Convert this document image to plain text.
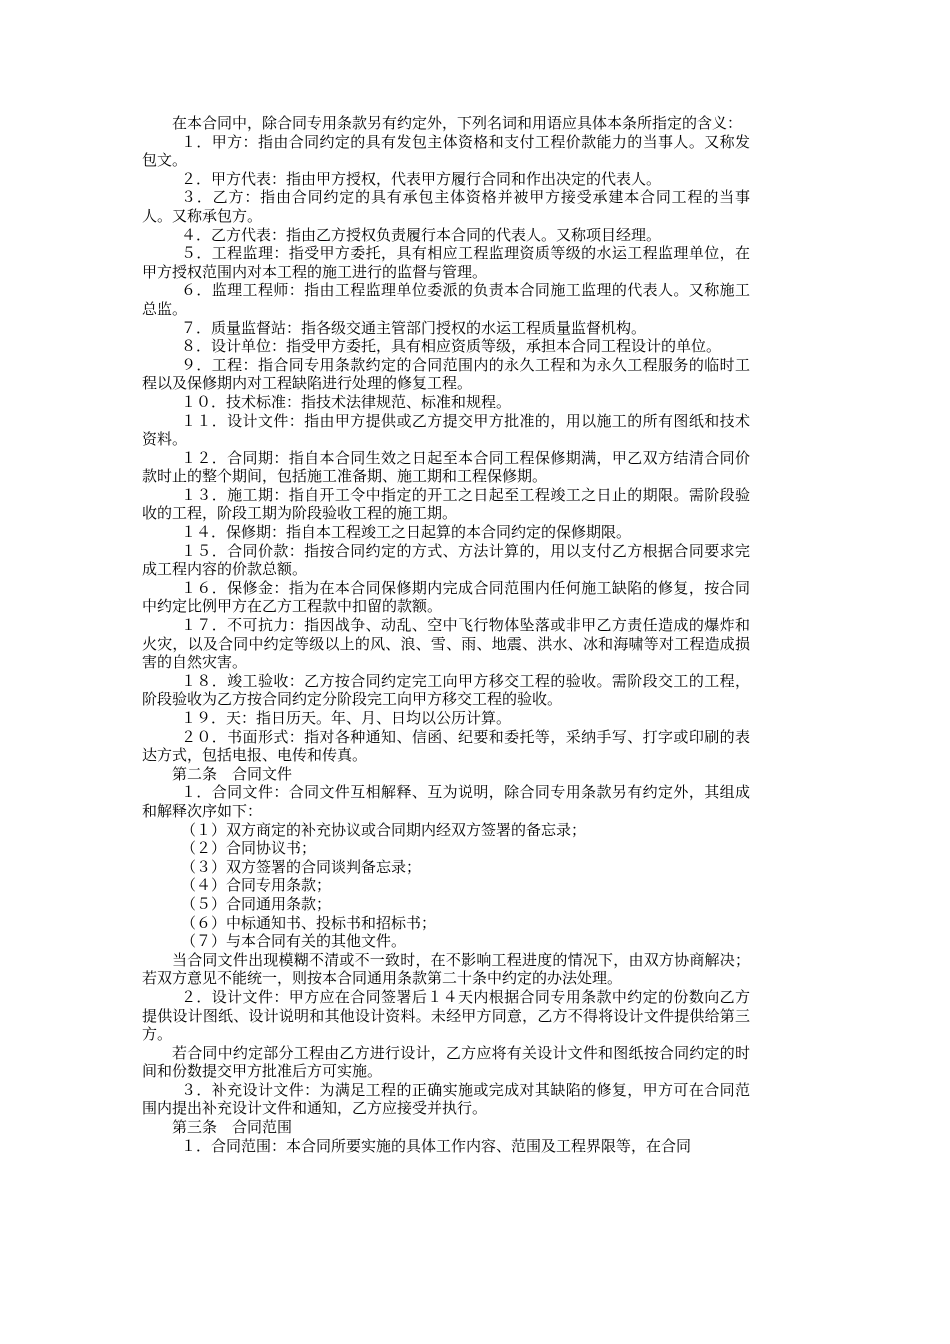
在本合同中，除合同专用条款另有约定外，下列名词和用语应具体本条所指定的含义：

１．甲方：指由合同约定的具有发包主体资格和支付工程价款能力的当事人。又称发包文。

２．甲方代表：指由甲方授权，代表甲方履行合同和作出决定的代表人。

３．乙方：指由合同约定的具有承包主体资格并被甲方接受承建本合同工程的当事人。又称承包方。

４．乙方代表：指由乙方授权负责履行本合同的代表人。又称项目经理。

５．工程监理：指受甲方委托，具有相应工程监理资质等级的水运工程监理单位，在甲方授权范围内对本工程的施工进行的监督与管理。

６．监理工程师：指由工程监理单位委派的负责本合同施工监理的代表人。又称施工总监。

７．质量监督站：指各级交通主管部门授权的水运工程质量监督机构。

８．设计单位：指受甲方委托，具有相应资质等级，承担本合同工程设计的单位。

９．工程：指合同专用条款约定的合同范围内的永久工程和为永久工程服务的临时工程以及保修期内对工程缺陷进行处理的修复工程。

１０．技术标准：指技术法律规范、标准和规程。

１１．设计文件：指由甲方提供或乙方提交甲方批准的，用以施工的所有图纸和技术资料。

１２．合同期：指自本合同生效之日起至本合同工程保修期满，甲乙双方结清合同价款时止的整个期间，包括施工准备期、施工期和工程保修期。

１３．施工期：指自开工令中指定的开工之日起至工程竣工之日止的期限。需阶段验收的工程，阶段工期为阶段验收工程的施工期。

１４．保修期：指自本工程竣工之日起算的本合同约定的保修期限。

１５．合同价款：指按合同约定的方式、方法计算的，用以支付乙方根据合同要求完成工程内容的价款总额。

１６．保修金：指为在本合同保修期内完成合同范围内任何施工缺陷的修复，按合同中约定比例甲方在乙方工程款中扣留的款额。

１７．不可抗力：指因战争、动乱、空中飞行物体坠落或非甲乙方责任造成的爆炸和火灾，以及合同中约定等级以上的风、浪、雪、雨、地震、洪水、冰和海啸等对工程造成损害的自然灾害。

１８．竣工验收：乙方按合同约定完工向甲方移交工程的验收。需阶段交工的工程，阶段验收为乙方按合同约定分阶段完工向甲方移交工程的验收。

１９．天：指日历天。年、月、日均以公历计算。

２０．书面形式：指对各种通知、信函、纪要和委托等，采纳手写、打字或印刷的表达方式，包括电报、电传和传真。

第二条　合同文件

１．合同文件：合同文件互相解释、互为说明，除合同专用条款另有约定外，其组成和解释次序如下：

（１）双方商定的补充协议或合同期内经双方签署的备忘录；

（２）合同协议书；

（３）双方签署的合同谈判备忘录；

（４）合同专用条款；

（５）合同通用条款；

（６）中标通知书、投标书和招标书；

（７）与本合同有关的其他文件。

当合同文件出现模糊不清或不一致时，在不影响工程进度的情况下，由双方协商解决；若双方意见不能统一，则按本合同通用条款第二十条中约定的办法处理。

２．设计文件：甲方应在合同签署后１４天内根据合同专用条款中约定的份数向乙方提供设计图纸、设计说明和其他设计资料。未经甲方同意，乙方不得将设计文件提供给第三方。

若合同中约定部分工程由乙方进行设计，乙方应将有关设计文件和图纸按合同约定的时间和份数提交甲方批准后方可实施。

３．补充设计文件：为满足工程的正确实施或完成对其缺陷的修复，甲方可在合同范围内提出补充设计文件和通知，乙方应接受并执行。

第三条　合同范围

１．合同范围：本合同所要实施的具体工作内容、范围及工程界限等，在合同
